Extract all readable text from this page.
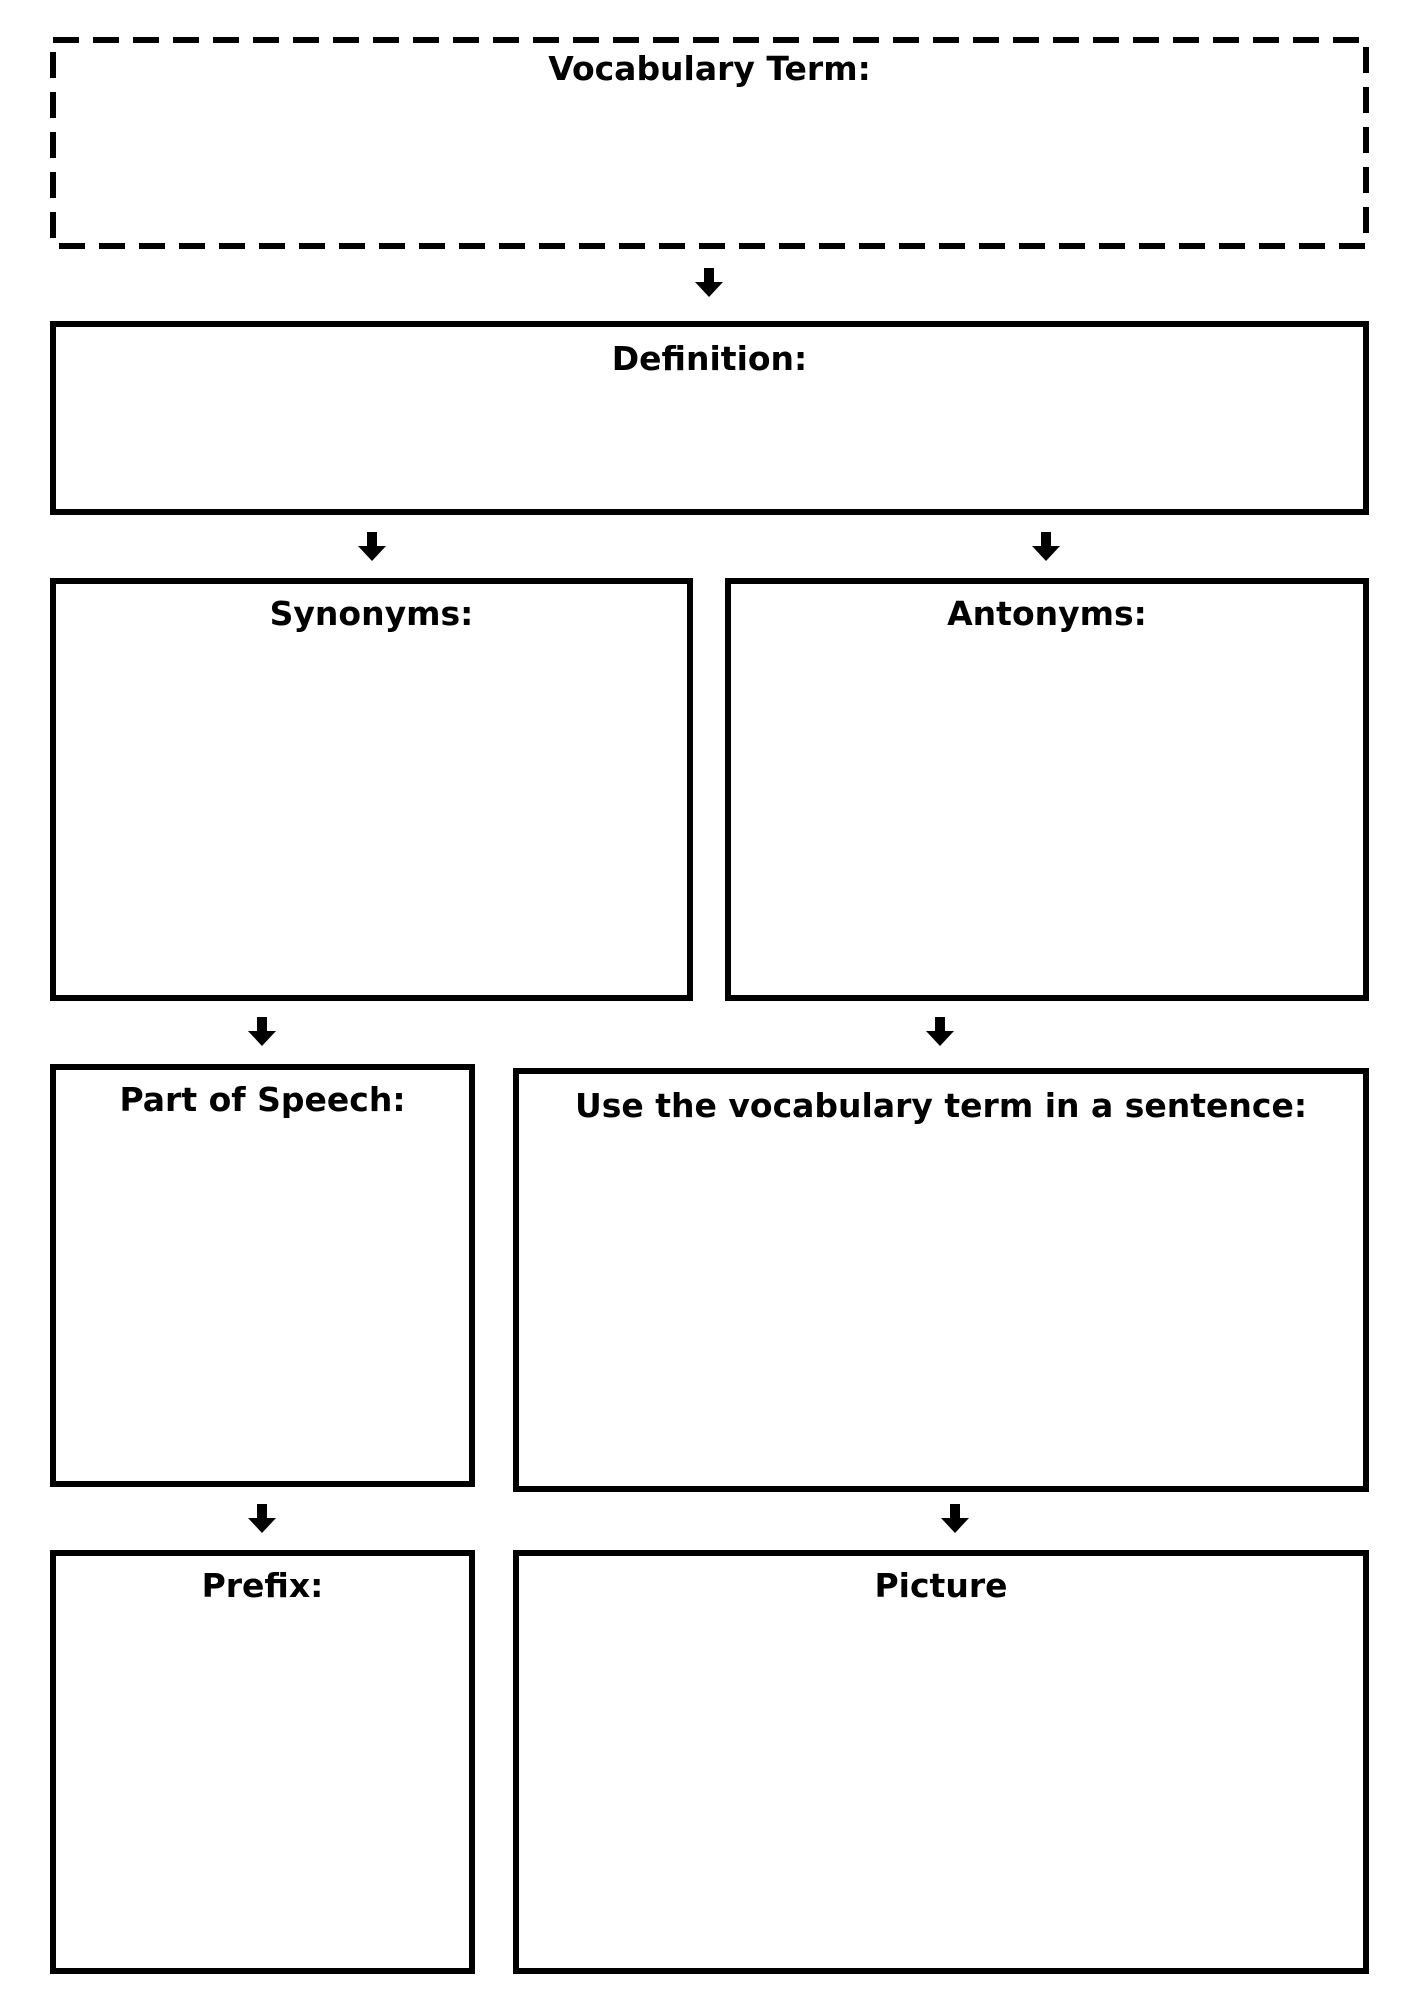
Vocabulary Term:
Definition:
Synonyms:	Antonyms:
Part of Speech:	Use the vocabulary term in a sentence:
Prefix:	Picture
